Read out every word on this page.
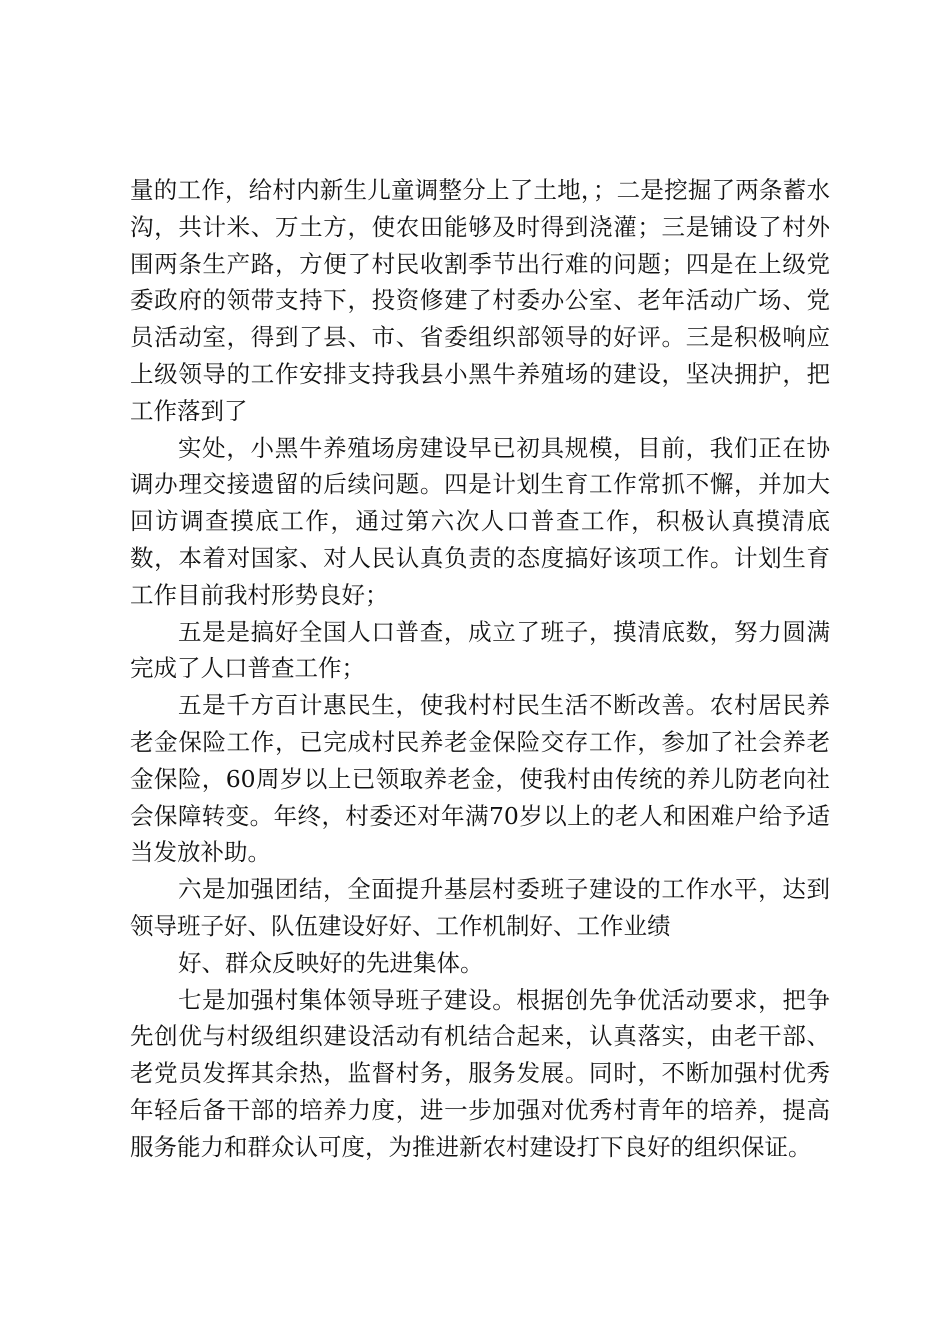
量的工作，给村内新生儿童调整分上了土地，；二是挖掘了两条蓄水沟，共计米、万土方，使农田能够及时得到浇灌；三是铺设了村外围两条生产路，方便了村民收割季节出行难的问题；四是在上级党委政府的领带支持下，投资修建了村委办公室、老年活动广场、党员活动室，得到了县、市、省委组织部领导的好评。三是积极响应上级领导的工作安排支持我县小黑牛养殖场的建设，坚决拥护，把工作落到了

实处，小黑牛养殖场房建设早已初具规模，目前，我们正在协调办理交接遗留的后续问题。四是计划生育工作常抓不懈，并加大回访调查摸底工作，通过第六次人口普查工作，积极认真摸清底数，本着对国家、对人民认真负责的态度搞好该项工作。计划生育工作目前我村形势良好；

五是是搞好全国人口普查，成立了班子，摸清底数，努力圆满完成了人口普查工作；

五是千方百计惠民生，使我村村民生活不断改善。农村居民养老金保险工作，已完成村民养老金保险交存工作，参加了社会养老金保险，60周岁以上已领取养老金，使我村由传统的养儿防老向社会保障转变。年终，村委还对年满70岁以上的老人和困难户给予适当发放补助。

六是加强团结，全面提升基层村委班子建设的工作水平，达到领导班子好、队伍建设好好、工作机制好、工作业绩

好、群众反映好的先进集体。

七是加强村集体领导班子建设。根据创先争优活动要求，把争先创优与村级组织建设活动有机结合起来，认真落实，由老干部、老党员发挥其余热，监督村务，服务发展。同时，不断加强村优秀年轻后备干部的培养力度，进一步加强对优秀村青年的培养，提高服务能力和群众认可度，为推进新农村建设打下良好的组织保证。
